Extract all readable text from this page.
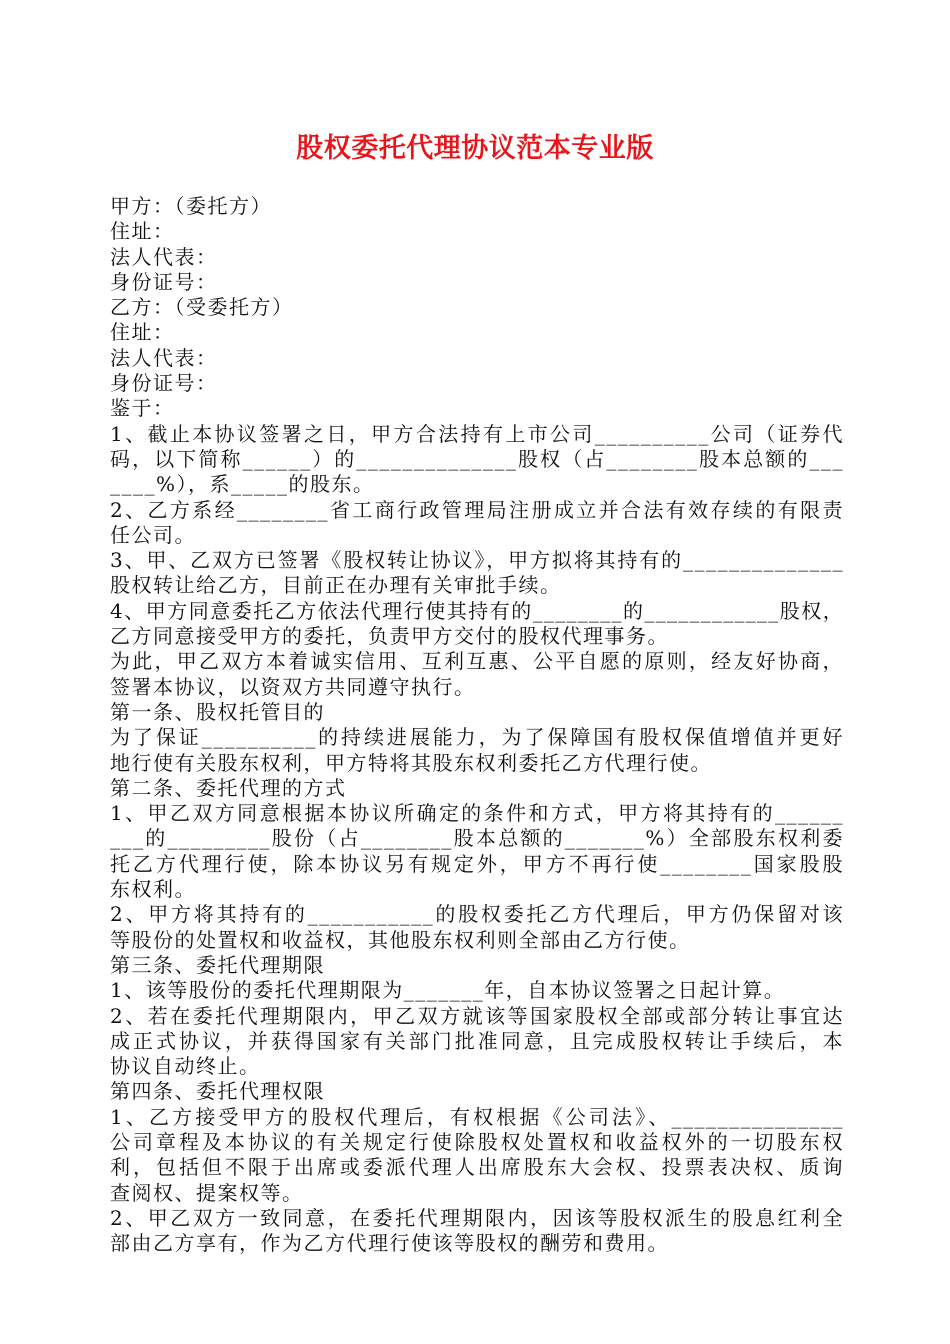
股权委托代理协议范本专业版
甲方：（委托方）
住址：
法人代表：
身份证号：
乙方：（受委托方）
住址：
法人代表：
身份证号：
鉴于：
1、截止本协议签署之日，甲方合法持有上市公司__________公司（证券代
码，以下简称______）的______________股权（占________股本总额的___
____%），系_____的股东。
2、乙方系经________省工商行政管理局注册成立并合法有效存续的有限责
任公司。
3、甲、乙双方已签署《股权转让协议》，甲方拟将其持有的______________
股权转让给乙方，目前正在办理有关审批手续。
4、甲方同意委托乙方依法代理行使其持有的________的____________股权，
乙方同意接受甲方的委托，负责甲方交付的股权代理事务。
为此，甲乙双方本着诚实信用、互利互惠、公平自愿的原则，经友好协商，
签署本协议，以资双方共同遵守执行。
第一条、股权托管目的
为了保证__________的持续进展能力，为了保障国有股权保值增值并更好
地行使有关股东权利，甲方特将其股东权利委托乙方代理行使。
第二条、委托代理的方式
1、甲乙双方同意根据本协议所确定的条件和方式，甲方将其持有的______
___的_________股份（占________股本总额的_______%）全部股东权利委
托乙方代理行使，除本协议另有规定外，甲方不再行使________国家股股
东权利。
2、甲方将其持有的___________的股权委托乙方代理后，甲方仍保留对该
等股份的处置权和收益权，其他股东权利则全部由乙方行使。
第三条、委托代理期限
1、该等股份的委托代理期限为_______年，自本协议签署之日起计算。
2、若在委托代理期限内，甲乙双方就该等国家股权全部或部分转让事宜达
成正式协议，并获得国家有关部门批准同意，且完成股权转让手续后，本
协议自动终止。
第四条、委托代理权限
1、乙方接受甲方的股权代理后，有权根据《公司法》、_______________
公司章程及本协议的有关规定行使除股权处置权和收益权外的一切股东权
利，包括但不限于出席或委派代理人出席股东大会权、投票表决权、质询
查阅权、提案权等。
2、甲乙双方一致同意，在委托代理期限内，因该等股权派生的股息红利全
部由乙方享有，作为乙方代理行使该等股权的酬劳和费用。
